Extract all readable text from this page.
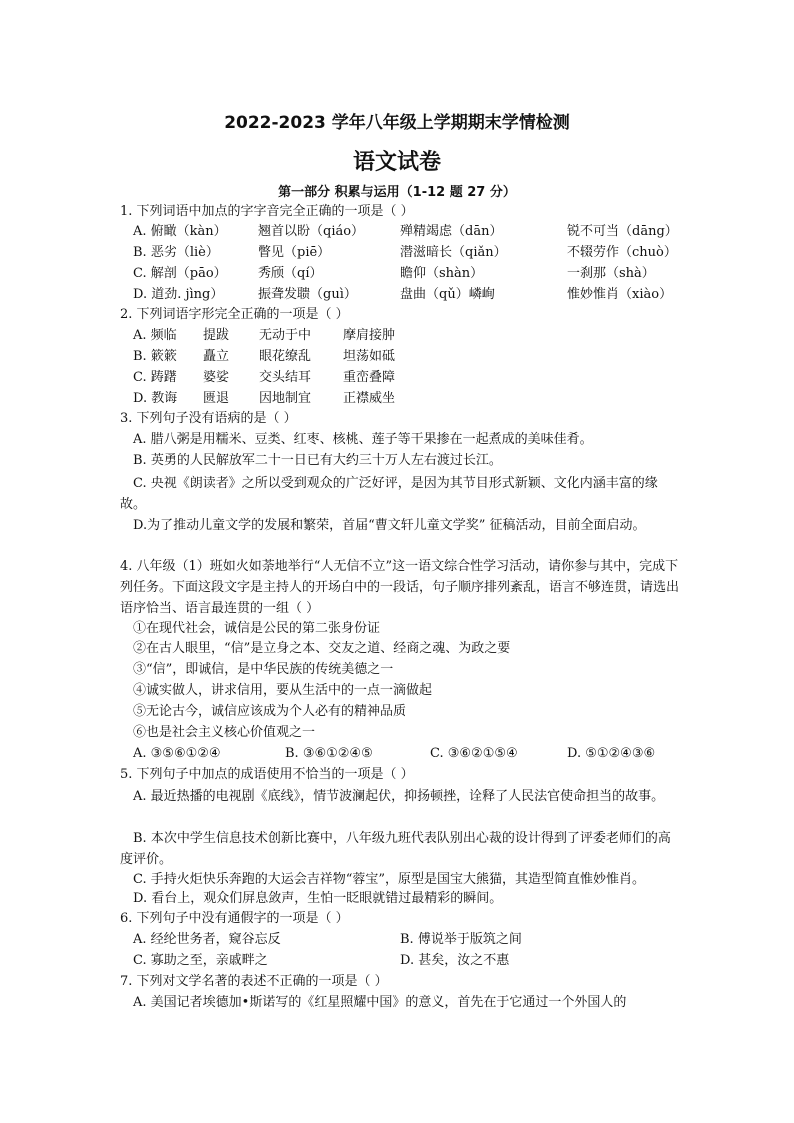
2022-2023 学年八年级上学期期末学情检测
语文试卷
第一部分 积累与运用（1-12 题 27 分）
1. 下列词语中加点的字字音完全正确的一项是（ ）
A. 俯瞰（kàn） 翘首以盼（qiáo）	殚精竭虑（dān）	锐不可当（dāng）
B. 恶劣（liè）	瞥见（piē）	潜滋暗长（qiǎn）	不辍劳作（chuò）
C. 解剖（pāo） 秀颀（qí）	瞻仰（shàn）	一刹那（shà）
D. 道劲. jìng）	振聋发聩（guì）	盘曲（qǔ）嶙峋	惟妙惟肖（xiào）
2. 下列词语字形完全正确的一项是（ ）
A. 频临 提跋 无动于中 摩肩接肿
B. 簌簌 矗立 眼花缭乱 坦荡如砥
C. 踌躇 婆娑 交头结耳 重峦叠障
D. 教诲 匮退 因地制宜 正襟威坐
3. 下列句子没有语病的是（ ）
A. 腊八粥是用糯米、豆类、红枣、核桃、莲子等干果掺在一起煮成的美味佳肴。
B. 英勇的人民解放军二十一日已有大约三十万人左右渡过长江。
C. 央视《朗读者》之所以受到观众的广泛好评，是因为其节目形式新颖、文化内涵丰富的缘故。
D.为了推动儿童文学的发展和繁荣，首届“曹文轩儿童文学奖” 征稿活动，目前全面启动。
4. 八年级（1）班如火如荼地举行“人无信不立”这一语文综合性学习活动，请你参与其中，完成下列任务。下面这段文字是主持人的开场白中的一段话，句子顺序排列紊乱，语言不够连贯，请选出语序恰当、语言最连贯的一组（ ）
①在现代社会，诚信是公民的第二张身份证
②在古人眼里，“信”是立身之本、交友之道、经商之魂、为政之要
③“信”，即诚信，是中华民族的传统美德之一
④诚实做人，讲求信用，要从生活中的一点一滴做起
⑤无论古今，诚信应该成为个人必有的精神品质
⑥也是社会主义核心价值观之一
A. ③⑤⑥①②④	B. ③⑥①②④⑤	C. ③⑥②①⑤④	D. ⑤①②④③⑥
5. 下列句子中加点的成语使用不恰当的一项是（ ）
A. 最近热播的电视剧《底线》，情节波澜起伏，抑扬顿挫，诠释了人民法官使命担当的故事。
B. 本次中学生信息技术创新比赛中，八年级九班代表队别出心裁的设计得到了评委老师们的高度评价。
C. 手持火炬快乐奔跑的大运会吉祥物“蓉宝”，原型是国宝大熊猫，其造型简直惟妙惟肖。
D. 看台上，观众们屏息敛声，生怕一眨眼就错过最精彩的瞬间。
6. 下列句子中没有通假字的一项是（ ）
A. 经纶世务者，窥谷忘反	B. 傅说举于版筑之间
C. 寡助之至，亲戚畔之	D. 甚矣，汝之不惠
7. 下列对文学名著的表述不正确的一项是（ ）
A. 美国记者埃德加•斯诺写的《红星照耀中国》的意义，首先在于它通过一个外国人的
